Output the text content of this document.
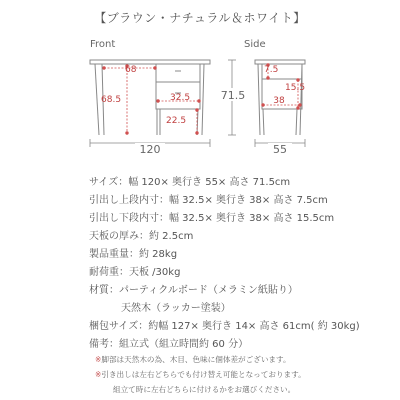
【ブラウン・ナチュラル＆ホワイト】
Front	Side
68
68.5	32.5
22.5
120
7.5
15.5
38
71.5
55
サイズ：幅 120× 奥行き 55× 高さ 71.5cm
引出し上段内寸：幅 32.5× 奥行き 38× 高さ 7.5cm
引出し下段内寸：幅 32.5× 奥行き 38× 高さ 15.5cm
天板の厚み：約 2.5cm
製品重量：約 28kg
耐荷重：天板 /30kg
材質：パーティクルボード（メラミン紙貼り）
天然木（ラッカー塗装）
梱包サイズ：約幅 127× 奥行き 14× 高さ 61cm( 約 30kg)
備考：組立式（組立時間約 60 分）
※脚部は天然木の為、木目、色味に個体差がございます。
※引き出しは左右どちらでも付け替え可能となっております。
組立て時に左右どちらに付けるかをお選びください。
